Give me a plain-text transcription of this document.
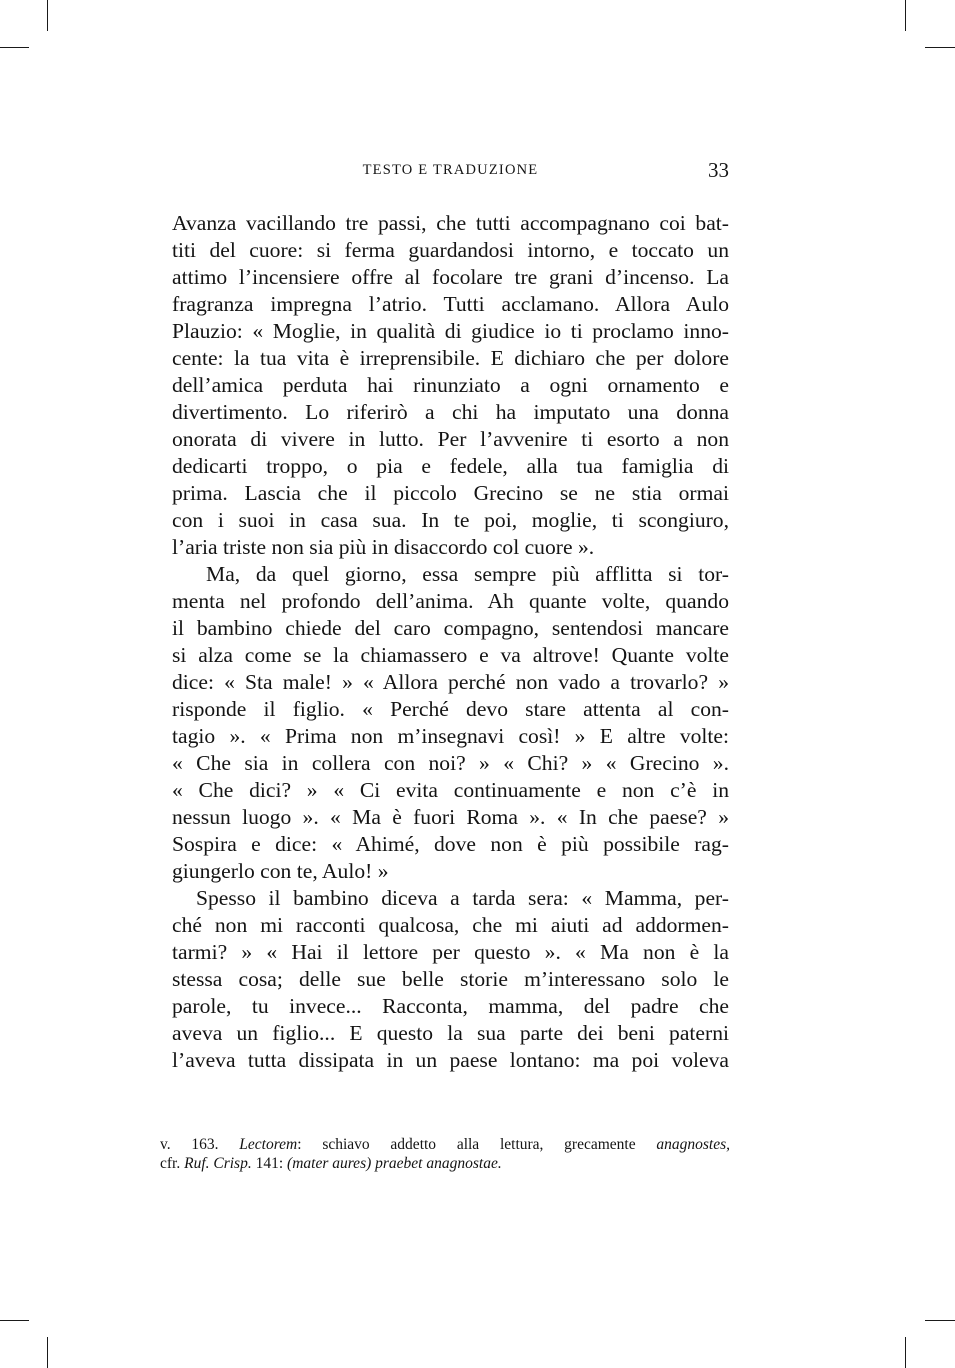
TESTO E TRADUZIONE	33

Avanza vacillando tre passi, che tutti accompagnano coi bat-
titi del cuore: si ferma guardandosi intorno, e toccato un
attimo l’incensiere offre al focolare tre grani d’incenso. La
fragranza impregna l’atrio. Tutti acclamano. Allora Aulo
Plauzio: « Moglie, in qualità di giudice io ti proclamo inno-
cente: la tua vita è irreprensibile. E dichiaro che per dolore
dell’amica perduta hai rinunziato a ogni ornamento e
divertimento. Lo riferirò a chi ha imputato una donna
onorata di vivere in lutto. Per l’avvenire ti esorto a non
dedicarti troppo, o pia e fedele, alla tua famiglia di
prima. Lascia che il piccolo Grecino se ne stia ormai
con i suoi in casa sua. In te poi, moglie, ti scongiuro,
l’aria triste non sia più in disaccordo col cuore ».

Ma, da quel giorno, essa sempre più afflitta si tor-
menta nel profondo dell’anima. Ah quante volte, quando
il bambino chiede del caro compagno, sentendosi mancare
si alza come se la chiamassero e va altrove! Quante volte
dice: « Sta male! » « Allora perché non vado a trovarlo? »
risponde il figlio. « Perché devo stare attenta al con-
tagio ». « Prima non m’insegnavi così! » E altre volte:
« Che sia in collera con noi? » « Chi? » « Grecino ».
« Che dici? » « Ci evita continuamente e non c’è in
nessun luogo ». « Ma è fuori Roma ». « In che paese? »
Sospira e dice: « Ahimé, dove non è più possibile rag-
giungerlo con te, Aulo! »

Spesso il bambino diceva a tarda sera: « Mamma, per-
ché non mi racconti qualcosa, che mi aiuti ad addormen-
tarmi? » « Hai il lettore per questo ». « Ma non è la
stessa cosa; delle sue belle storie m’interessano solo le
parole, tu invece... Racconta, mamma, del padre che
aveva un figlio... E questo la sua parte dei beni paterni
l’aveva tutta dissipata in un paese lontano: ma poi voleva

v. 163. Lectorem: schiavo addetto alla lettura, grecamente anagnostes,
cfr. Ruf. Crisp. 141: (mater aures) praebet anagnostae.
